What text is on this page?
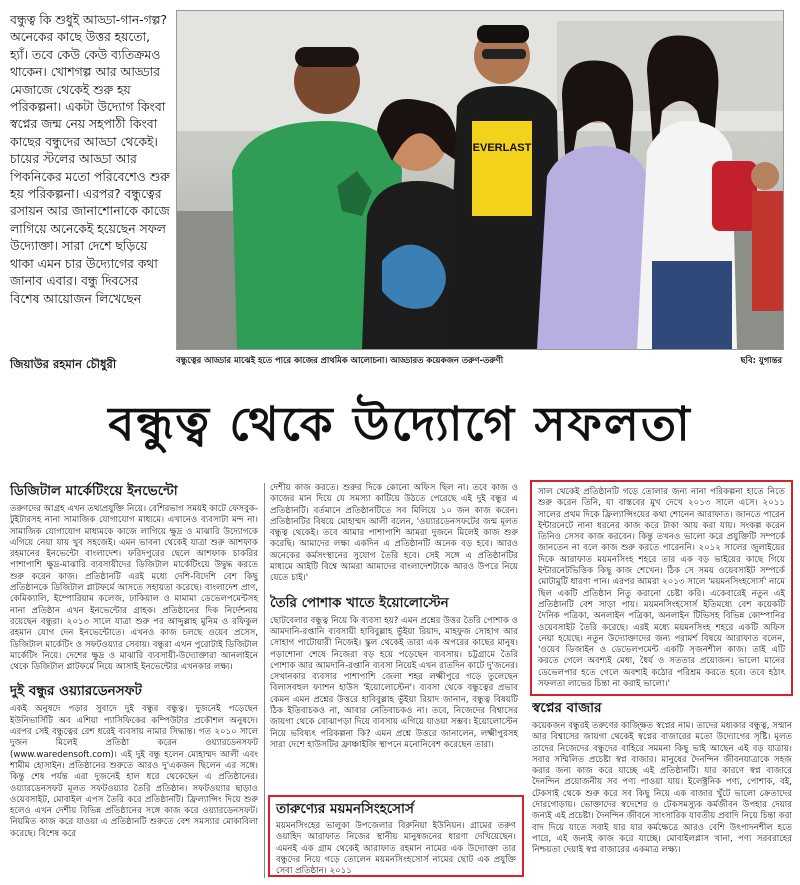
বন্ধুত্ব কি শুধুই আড্ডা-গান-গল্প? অনেকের কাছে উত্তর হয়তো, হ্যাঁ। তবে কেউ কেউ ব্যতিক্রমও থাকেন। খোশগল্প আর আড্ডার মেজাজে থেকেই শুরু হয় পরিকল্পনা। একটা উদ্যোগ কিংবা স্বপ্নের জন্ম নেয় সহপাঠী কিংবা কাছের বন্ধুদের আড্ডা থেকেই। চায়ের স্টলের আড্ডা আর পিকনিকের মতো পরিবেশেও শুরু হয় পরিকল্পনা। এরপর? বন্ধুত্বের রসায়ন আর জানাশোনাকে কাজে লাগিয়ে অনেকেই হয়েছেন সফল উদ্যোক্তা। সারা দেশে ছড়িয়ে থাকা এমন চার উদ্যোগের কথা জানাব এবার। বন্ধু দিবসের বিশেষ আয়োজন লিখেছেন
জিয়াউর রহমান চৌধুরী
EVERLAST
বন্ধুত্বের আড্ডার মাঝেই হতে পারে কাজের প্রাথমিক আলোচনা। আড্ডারত কয়েকজন তরুণ-তরুণী	ছবি: যুগান্তর
বন্ধুত্ব থেকে উদ্যোগে সফলতা
ডিজিটাল মার্কেটিংয়ে ইনভেন্টো

তরুণদের আগ্রহ এখন তথ্যপ্রযুক্তি নিয়ে। বেশিরভাগ সময়ই কাটে ফেসবুক-টুইটারসহ নানা সামাজিক যোগাযোগ মাধ্যমে। এখানেও ব্যবসাটা মন্দ না। সামাজিক যোগাযোগ মাধ্যমকে কাজে লাগিয়ে ক্ষুদ্র ও মাঝারি উদ্যোগকে এগিয়ে নেয়া যায় খুব সহজেই। এমন ভাবনা থেকেই যাত্রা শুরু আশফাক রহমানের ইনভেন্টো বাংলাদেশ। ফরিদপুরের ছেলে আশফাক চাকরির পাশাপাশি ক্ষুদ্র-মাঝারি ব্যবসায়ীদের ডিজিটাল মার্কেটিংয়ে উদ্বুদ্ধ করতে শুরু করেন কাজ। প্রতিষ্ঠানটি এরই মধ্যে দেশি-বিদেশি বেশ কিছু প্রতিষ্ঠানকে ডিজিটাল প্লাটফর্মে আসতে সহায়তা করেছে। বাংলাদেশ প্রাণ, কেমিক্যালি, ইম্পোরিয়াম কলেজ, ঢাকিয়াল ও মামামা ডেভেলপমেন্টসহ নানা প্রতিষ্ঠান এখন ইনভেন্টোর গ্রাহক। প্রতিষ্ঠানের দিক নির্দেশনায় রয়েছেন বন্ধুরা। ২০১৩ সালে যাত্রা শুরু পর আব্দুল্লাহ মুনিম ও রফিকুল রহমান যোগ দেন ইনভেন্টোতে। এখনও কাজ চলছে ওয়েব প্রসেস, ডিজিটাল মার্কেটিং ও সফটওয়্যার সেবায়। বন্ধুরা এখন পুরোটাই ডিজিটাল মার্কেটিং নিয়ে। দেশের ক্ষুদ্র ও মাঝারি ব্যবসায়ী-উদ্যোক্তারা আনলাইনে থেকে ডিজিটাল প্লাটফর্মে নিয়ে আসাই ইনভেন্টোর এখনকার লক্ষ্য।

দুই বন্ধুর ওয়্যারডেনসফট

একই অনুষদে পড়ার সুবাদে দুই বন্ধুর বন্ধুত্ব। দুজনেই পড়েছেন ইউনিভার্সিটি অব এশিয়া প্যাসিফিকের কম্পিউটার প্রকৌশল অনুষদে। এরপর সেই বন্ধুত্বের রেশ ধরেই ব্যবসায় নামার সিদ্ধান্ত। গত ২০১০ সালে দুজন মিলেই প্রতিষ্ঠা করেন ওয়্যারডেনসফট (www.waredensoft.com)। এই দুই বন্ধু হলেন মোহাম্মদ আলী এবং শামীম হোসাইন। প্রতিষ্ঠানের শুরুতে আরও দু'একজন ছিলেন এর সঙ্গে। কিন্তু শেষ পর্যন্ত এরা দুজনেই হাল ধরে থেকেছেন এ প্রতিষ্ঠানের। ওয়্যারডেনসফট মূলত সফটওয়্যার তৈরি প্রতিষ্ঠান। সফটওয়্যার ছাড়াও ওয়েবসাইট, মোবাইল এপস তৈরি করে প্রতিষ্ঠানটি। ফ্রিল্যান্সিং দিয়ে শুরু হলেও এখন দেশীয় বিভিন্ন প্রতিষ্ঠানের সঙ্গে কাজ করে ওয়্যারডেনসফট। নিয়মিত কাজ করে যাওয়া এ প্রতিষ্ঠানটি শুরুতে বেশ সমস্যার মোকাবিলা করেছে। বিশেষ করে

দেশীয় কাজ করতে। শুরুর দিকে কোনো অফিস ছিল না। তবে কাজ ও কাজের মান দিয়ে যে সমস্যা কাটিয়ে উঠতে পেরেছে এই দুই বন্ধুর এ প্রতিষ্ঠানটি। বর্তমানে প্রতিষ্ঠানটিতে সব মিলিয়ে ১০ জন কাজ করেন। প্রতিষ্ঠানটির বিষয়ে মোহাম্মদ আলী বলেন, 'ওয়্যারডেনসফটের জন্ম মূলত বন্ধুত্ব থেকেই। তবে আমার পাশাপাশি আমরা দুজনে মিলেই কাজ শুরু করেছি। আমাদের লক্ষ্য একদিন এ প্রতিষ্ঠানটি অনেক বড় হবে। আরও অনেকের কর্মসংস্থানের সুযোগ তৈরি হবে। সেই সঙ্গে এ প্রতিষ্ঠানটির মাধ্যমে আইটি বিশ্বে আমরা আমাদের বাংলাদেশটাকে আরও উপরে নিয়ে যেতে চাই।'

তৈরি পোশাক খাতে ইয়োলোস্টেন

ছোটবেলার বন্ধুত্ব নিয়ে কি ব্যবসা হয়? এমন প্রশ্নের উত্তর তৈরি পোশাক ও আমদানি-রপ্তানি ব্যবসায়ী হাবিবুল্লাহ ভুঁইয়া রিয়াদ, মাহফুজ সোহাগ আর সোহাগ পাটোয়ারী নিজেই। স্কুল থেকেই তারা এক অপরের কাছের মানুষ। পড়াশোনা শেষে নিজেরা বড় হয়ে পড়েছেন ব্যবসায়। চট্টগ্রামে তৈরি পোশাক আর আমদানি-রপ্তানি ব্যবসা নিয়েই এখন রাতদিন কাটে দু'জনের। সেখানকার ব্যবসার পাশাপাশি জেলা শহর লক্ষ্মীপুরে গড়ে তুলেছেন বিলাসবহুল ফ্যাশন হাউস 'ইয়োলোস্টেন'। ব্যবসা থেকে বন্ধুত্বের প্রভাব কেমন এমন প্রশ্নের উত্তরে হাবিবুল্লাহ ভুঁইয়া রিয়াদ জানান, বন্ধুত্ব বিষয়টি ঠিক ইতিবাচকও না, আবার নেতিবাচকও না। তবে, নিজেদের বিশ্বাসের জায়গা থেকে বোঝাপড়া দিয়ে ব্যবসায় এগিয়ে যাওয়া সম্ভব। ইয়োলোস্টেন নিয়ে ভবিষ্যৎ পরিকল্পনা কি? এমন প্রশ্নে উত্তরে জানালেন, লক্ষ্মীপুরসহ সারা দেশে হাউসটির ফ্রাঞ্চাইজি স্থাপনে মনোনিবেশ করেছেন তারা।

তারুণ্যের ময়মনসিংহসোর্স

ময়মনসিংহের ভালুকা উপজেলার বিরুনিয়া ইউনিয়ন। গ্রামের তরুণ ওয়াহিদ আরাফাত নিজের স্থানীয় মানুষজনের ধারণা দেখিয়েছেন। এমনই এক গ্রাম থেকেই আরাফাত রহমান নামের এক উদ্যোক্তা তার বন্ধুদের নিয়ে গড়ে তোলেন ময়মনসিংহসোর্স নামের ছোট এক প্রযুক্তি সেবা প্রতিষ্ঠান। ২০১১

সাল থেকেই প্রতিষ্ঠানটি গড়ে তোলার জন্য নানা পরিকল্পনা হাতে নিতে শুরু করেন তিনি, যা বাস্তবের মুখ দেখে ২০১৩ সালে এসে। ২০১১ সালের প্রথম দিকে ফ্রিল্যান্সিংয়ের কথা শোনেন আরাফাত। জানতে পারেন ইন্টারনেটে নানা ধরনের কাজ করে টাকা আয় করা যায়। সংকল্প করেন তিনিও সেসব কাজ করবেন। কিন্তু তখনও ভালো করে প্রযুক্তিটি সম্পর্কে জানতেন না বলে কাজ শুরু করতে পারেননি। ২০১২ সালের জুলাইয়ের দিকে আরাফাত ময়মনসিংহ শহরে তার এক বড় ভাইয়ের কাছে গিয়ে ইন্টারনেটভিত্তিক কিছু কাজ শেখেন। ঠিক সে সময় ওয়েবসাইট সম্পর্কে মোটামুটি ধারণা পান। এরপর আমরা ২০১৩ সালে 'ময়মনসিংহসোর্স' নামে ছিল একটি প্রতিষ্ঠান নিতু করানো চেষ্টা করি। একেবারেই নতুন এই প্রতিষ্ঠানটি বেশ সাড়া পায়। ময়মনসিংহসোর্স ইতিমধ্যে বেশ কয়েকটি দৈনিক পত্রিকা, অনলাইন পত্রিকা, অনলাইন টিভিসহ বিভিন্ন কোম্পানির ওয়েবসাইট তৈরি করেছে। এরই মধ্যে ময়মনসিংহ শহরে একটি অফিস নেয়া হয়েছে। নতুন উদ্যোক্তাদের জন্য পরামর্শ বিষয়ে আরাফাত বলেন, 'ওয়েব ডিজাইন ও ডেভেলপমেন্ট একটি সৃজনশীল কাজ। তাই এটি করতে গেলে অবশ্যই মেধা, ধৈর্য ও সততার প্রয়োজন। ভালো মানের ডেভেলপার হতে গেলে অবশ্যই কঠোর পরিশ্রম করতে হবে। তবে হঠাৎ সফলতা লাভের চিন্তা না করাই ভালো।'

স্বপ্নের বাজার

কয়েকজন বন্ধুরই তরুণের কাজ্ক্ষিত স্বপ্নের নাম। তাদের মধ্যকার বন্ধুত্ব, সম্মান আর বিশ্বাসের জায়গা থেকেই স্বপ্নের বাজারের মতো উদ্যোগের সৃষ্টি। মূলত তাদের নিজেদের বন্ধুদের বাহিরে সমমনা কিছু ভাই আছেন এই বড় যাত্রায়। সবার সম্মিলিত প্রচেষ্টা স্বপ্ন বাজার। মানুষের দৈনন্দিন জীবনযাত্রাকে সহজ করার জন্য কাজ করে যাচ্ছে এই প্রতিষ্ঠানটি। যার কারণে স্বপ্ন বাজারে দৈনন্দিন প্রয়োজনীয় সব পণ্য পাওয়া যায়। ইলেক্ট্রনিক পণ্য, পোশাক, বই, টেকসাই থেকে শুরু করে সব কিছু নিয়ে এক বাজার খুঁটে ভালো ক্রেতাদের দোরগোড়ায়। ভোক্তাদের স্বদেশের ও টেকসমস্যুক কর্মজীবন উপহার দেয়ার জন্যই এই প্রচেষ্টা। দৈনন্দিন জীবনে সাংসারিক যাবতীয় প্রবাদি নিয়ে চিন্তা করা বাদ দিয়ে যাতে সবাই যার যার কর্মক্ষেত্রে আরও বেশি উৎপাদনশীল হতে পারে, এই জন্যই কাজ করে যাচ্ছে। মোবাইলপ্লাস খানা, পণ্য সরবরাহের নিশ্চয়তা দেয়াই স্বপ্ন বাজারের একমাত্র লক্ষ্য।
